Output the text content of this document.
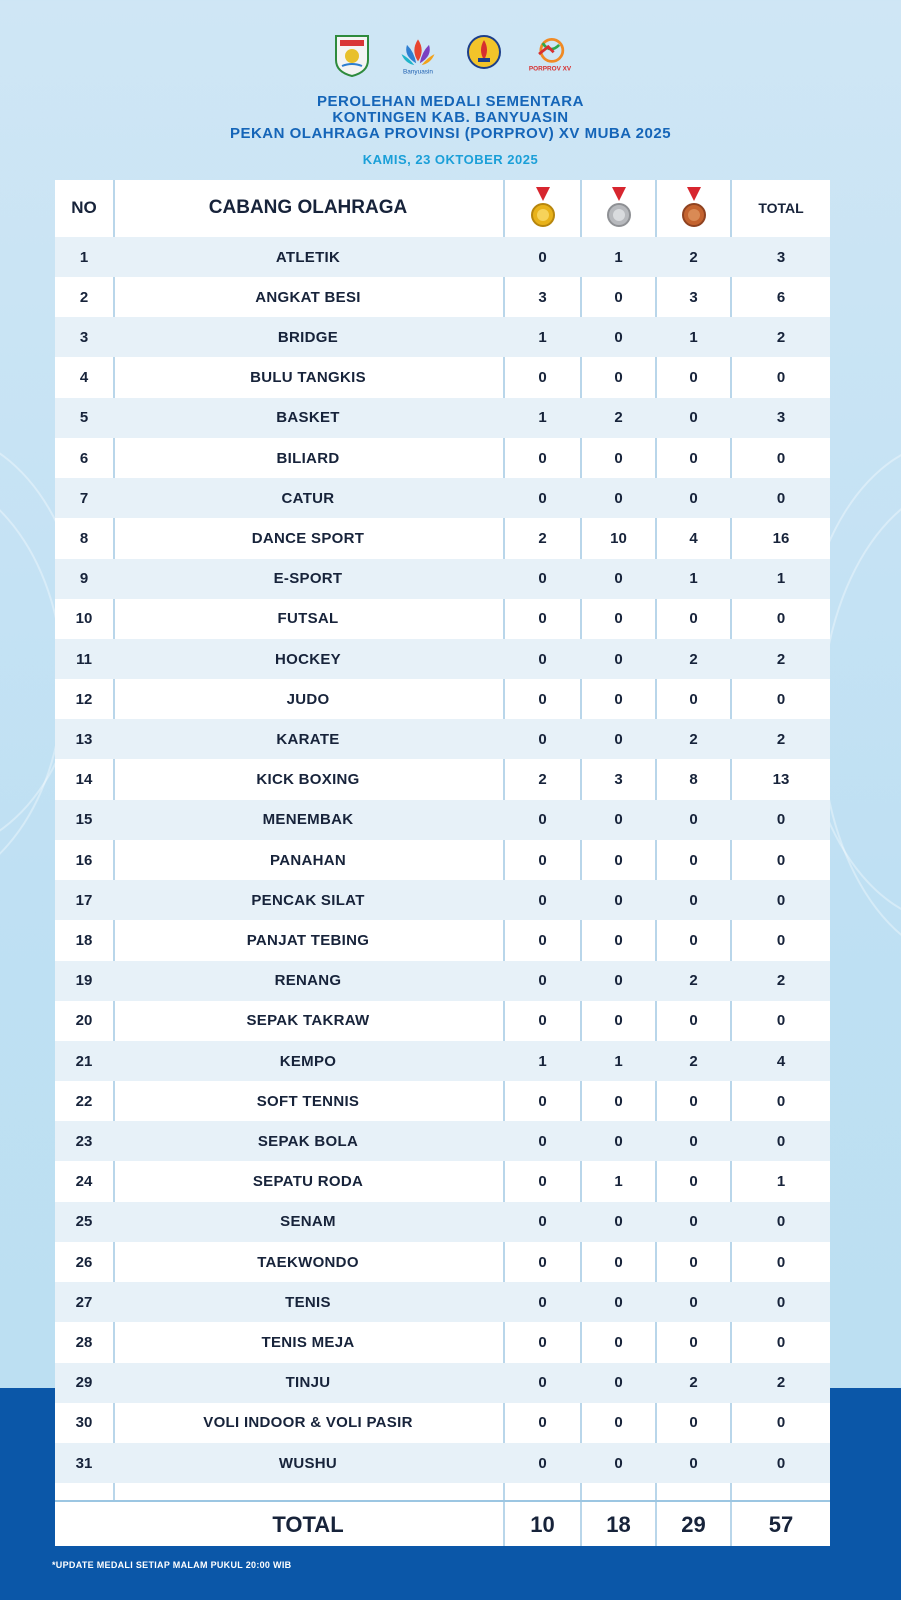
Banyuasin	PORPROV XV
PEROLEHAN MEDALI SEMENTARA
KONTINGEN KAB. BANYUASIN
PEKAN OLAHRAGA PROVINSI (PORPROV) XV MUBA 2025
KAMIS, 23 OKTOBER 2025
NO	CABANG OLAHRAGA	TOTAL
1	ATLETIK	0	1	2	3
2	ANGKAT BESI	3	0	3	6
3	BRIDGE	1	0	1	2
4	BULU TANGKIS	0	0	0	0
5	BASKET	1	2	0	3
6	BILIARD	0	0	0	0
7	CATUR	0	0	0	0
8	DANCE SPORT	2	10	4	16
9	E-SPORT	0	0	1	1
10	FUTSAL	0	0	0	0
11	HOCKEY	0	0	2	2
12	JUDO	0	0	0	0
13	KARATE	0	0	2	2
14	KICK BOXING	2	3	8	13
15	MENEMBAK	0	0	0	0
16	PANAHAN	0	0	0	0
17	PENCAK SILAT	0	0	0	0
18	PANJAT TEBING	0	0	0	0
19	RENANG	0	0	2	2
20	SEPAK TAKRAW	0	0	0	0
21	KEMPO	1	1	2	4
22	SOFT TENNIS	0	0	0	0
23	SEPAK BOLA	0	0	0	0
24	SEPATU RODA	0	1	0	1
25	SENAM	0	0	0	0
26	TAEKWONDO	0	0	0	0
27	TENIS	0	0	0	0
28	TENIS MEJA	0	0	0	0
29	TINJU	0	0	2	2
30	VOLI INDOOR & VOLI PASIR	0	0	0	0
31	WUSHU	0	0	0	0
TOTAL	10	18	29	57
*UPDATE MEDALI SETIAP MALAM PUKUL 20:00 WIB
